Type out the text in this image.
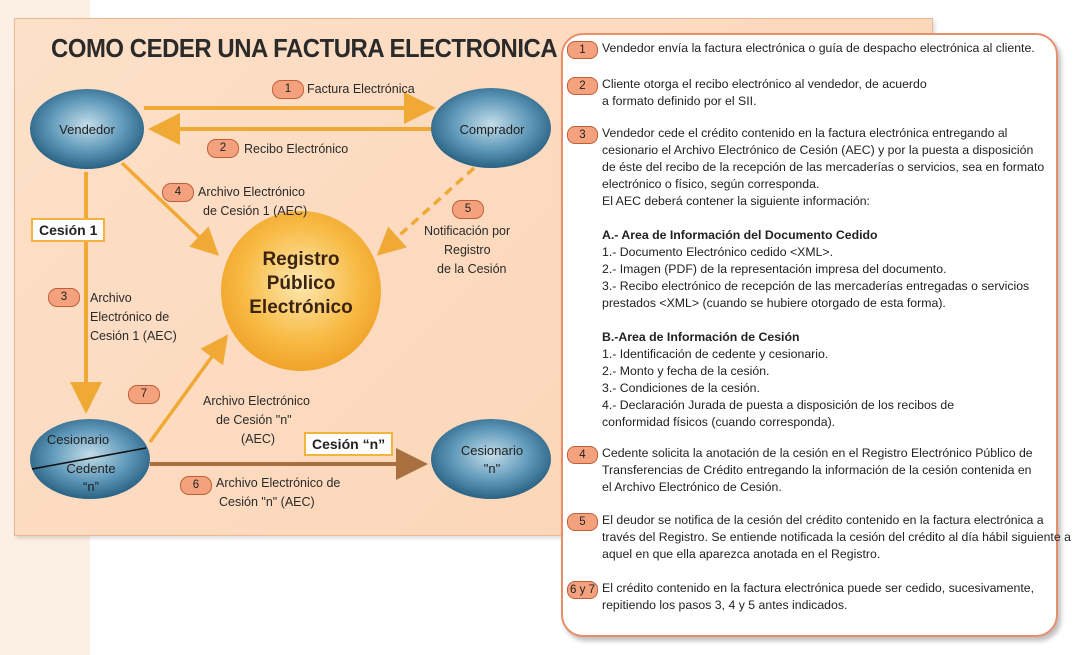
COMO CEDER UNA FACTURA ELECTRONICA
Vendedor	Comprador
Cesionario
Cedente
“n”
Cesionario
"n"
Registro
Público
Electrónico
Cesión 1
Cesión “n”
1	Factura Electrónica
2	Recibo Electrónico
3	Archivo
Electrónico de
Cesión 1 (AEC)
4	Archivo Electrónico
de Cesión 1 (AEC)	5
Notificación por
Registro
de la Cesión
6	Archivo Electrónico de
Cesión "n" (AEC)
7	Archivo Electrónico
de Cesión "n"
(AEC)
1	Vendedor envía la factura electrónica o guía de despacho electrónica al cliente.
2	Cliente otorga el recibo electrónico al vendedor, de acuerdo
a formato definido por el SII.
3	Vendedor cede el crédito contenido en la factura electrónica entregando al
cesionario el Archivo Electrónico de Cesión (AEC) y por la puesta a disposición
de éste del recibo de la recepción de las mercaderías o servicios, sea en formato
electrónico o físico, según corresponda.
El AEC deberá contener la siguiente información:
A.- Area de Información del Documento Cedido
1.- Documento Electrónico cedido <XML>.
2.- Imagen (PDF) de la representación impresa del documento.
3.- Recibo electrónico de recepción de las mercaderías entregadas o servicios
prestados <XML> (cuando se hubiere otorgado de esta forma).
B.-Area de Información de Cesión
1.- Identificación de cedente y cesionario.
2.- Monto y fecha de la cesión.
3.- Condiciones de la cesión.
4.- Declaración Jurada de puesta a disposición de los recibos de
conformidad físicos (cuando corresponda).
4	Cedente solicita la anotación de la cesión en el Registro Electrónico Público de
Transferencias de Crédito entregando la información de la cesión contenida en
el Archivo Electrónico de Cesión.
5	El deudor se notifica de la cesión del crédito contenido en la factura electrónica a
través del Registro. Se entiende notificada la cesión del crédito al día hábil siguiente a
aquel en que ella aparezca anotada en el Registro.
6 y 7 El crédito contenido en la factura electrónica puede ser cedido, sucesivamente,
repitiendo los pasos 3, 4 y 5 antes indicados.
